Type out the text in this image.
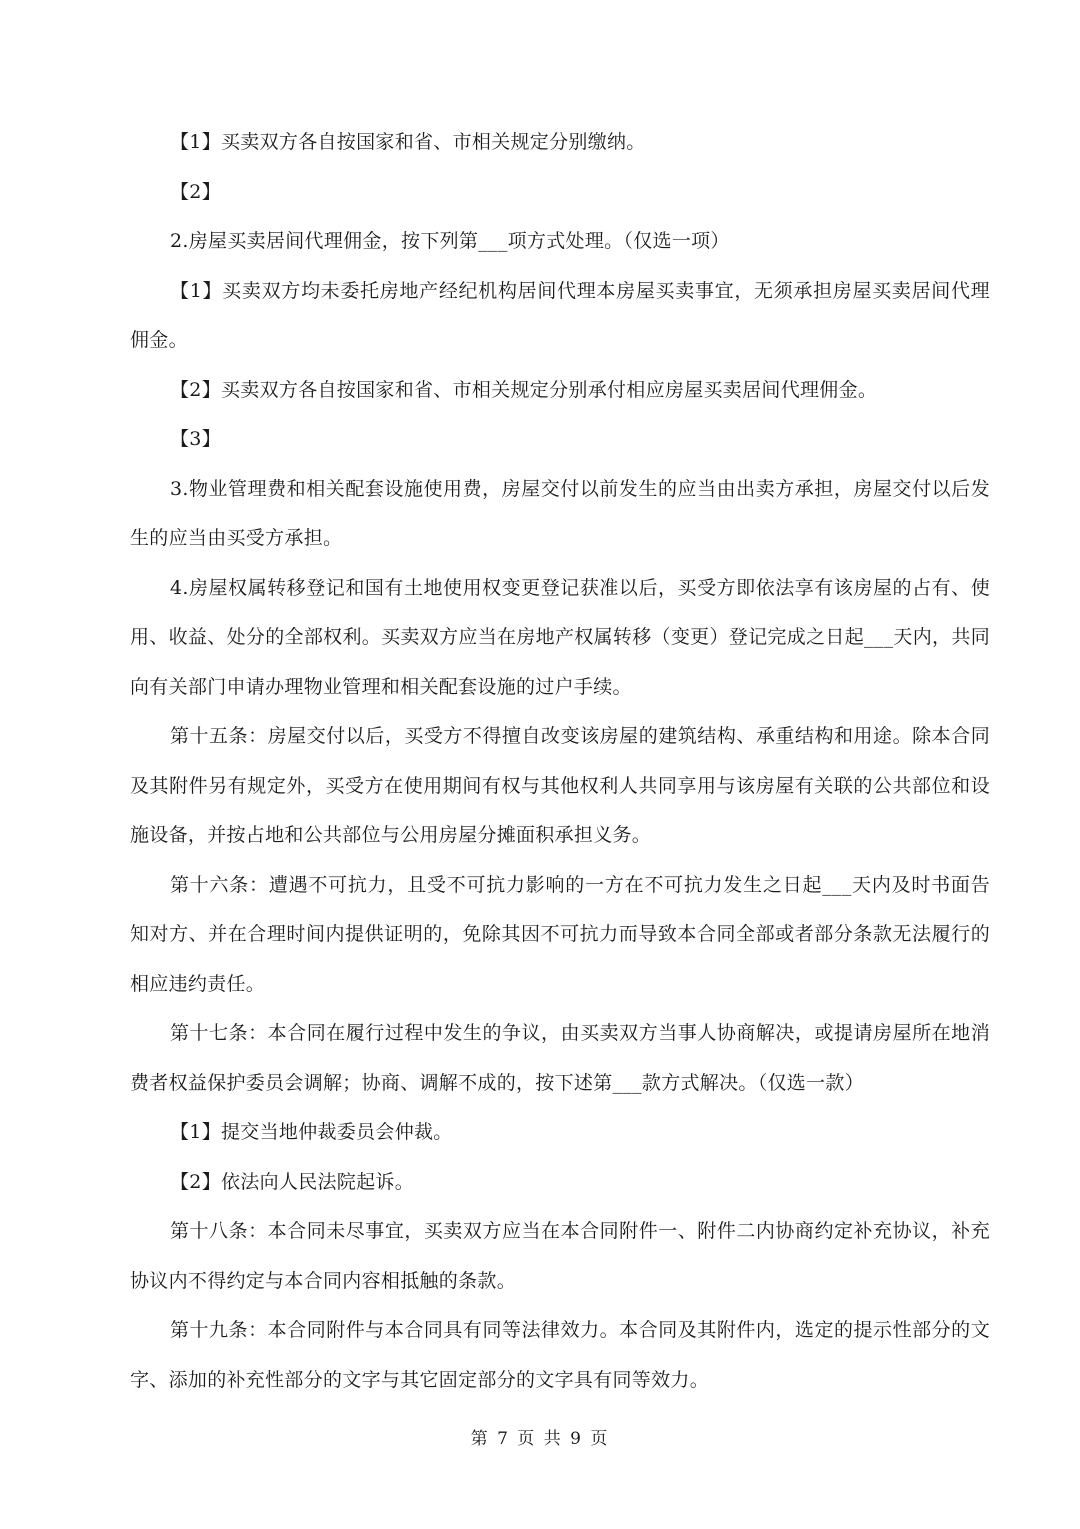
【1】买卖双方各自按国家和省、市相关规定分别缴纳。

【2】

2.房屋买卖居间代理佣金，按下列第___项方式处理。（仅选一项）

【1】买卖双方均未委托房地产经纪机构居间代理本房屋买卖事宜，无须承担房屋买卖居间代理佣金。

【2】买卖双方各自按国家和省、市相关规定分别承付相应房屋买卖居间代理佣金。

【3】

3.物业管理费和相关配套设施使用费，房屋交付以前发生的应当由出卖方承担，房屋交付以后发生的应当由买受方承担。

4.房屋权属转移登记和国有土地使用权变更登记获准以后，买受方即依法享有该房屋的占有、使用、收益、处分的全部权利。买卖双方应当在房地产权属转移（变更）登记完成之日起___天内，共同向有关部门申请办理物业管理和相关配套设施的过户手续。

第十五条：房屋交付以后，买受方不得擅自改变该房屋的建筑结构、承重结构和用途。除本合同及其附件另有规定外，买受方在使用期间有权与其他权利人共同享用与该房屋有关联的公共部位和设施设备，并按占地和公共部位与公用房屋分摊面积承担义务。

第十六条：遭遇不可抗力，且受不可抗力影响的一方在不可抗力发生之日起___天内及时书面告知对方、并在合理时间内提供证明的，免除其因不可抗力而导致本合同全部或者部分条款无法履行的相应违约责任。

第十七条：本合同在履行过程中发生的争议，由买卖双方当事人协商解决，或提请房屋所在地消费者权益保护委员会调解；协商、调解不成的，按下述第___款方式解决。（仅选一款）

【1】提交当地仲裁委员会仲裁。

【2】依法向人民法院起诉。

第十八条：本合同未尽事宜，买卖双方应当在本合同附件一、附件二内协商约定补充协议，补充协议内不得约定与本合同内容相抵触的条款。

第十九条：本合同附件与本合同具有同等法律效力。本合同及其附件内，选定的提示性部分的文字、添加的补充性部分的文字与其它固定部分的文字具有同等效力。

第 7 页 共 9 页
